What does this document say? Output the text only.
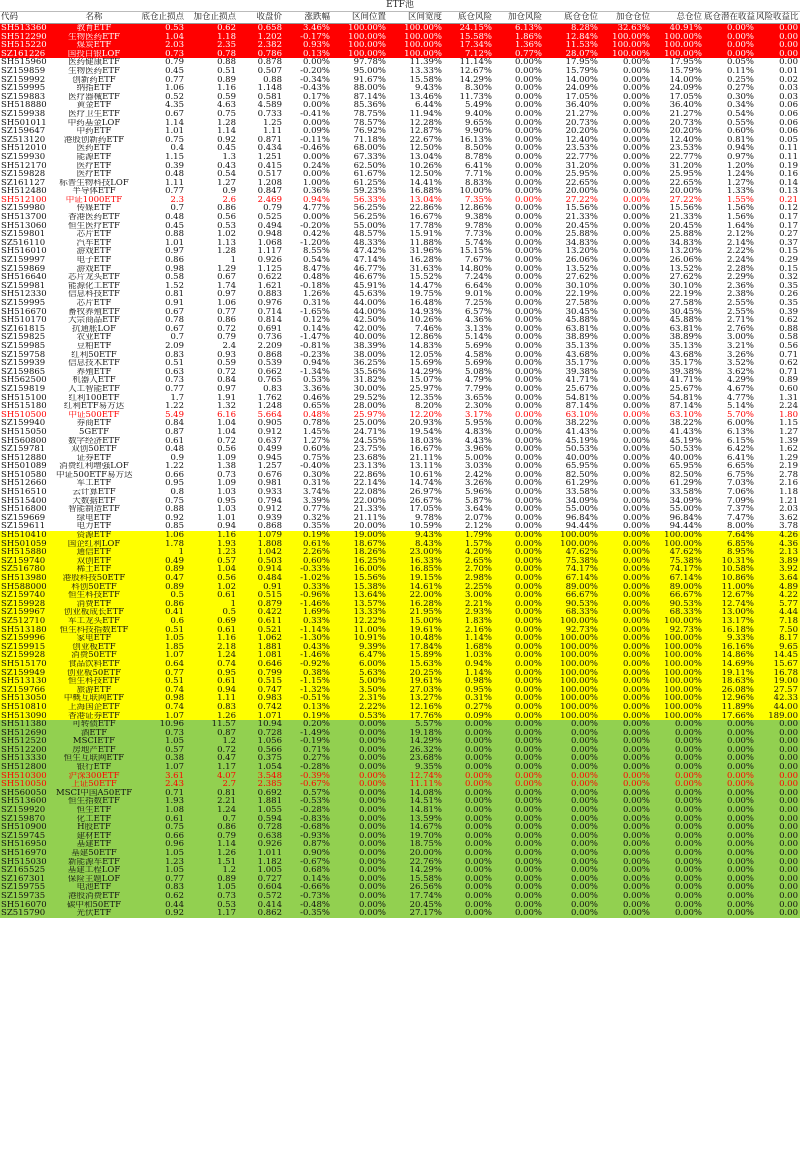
ETF池
代码	名称	底仓止损点	加仓止损点	收盘价	涨跌幅	区间位置	区间宽度	底仓风险	加仓风险	底仓仓位	加仓仓位	总仓位	底仓潜在收益	风险收益比
SH513360	教育ETF	0.53	0.62	0.658	3.46%	100.00%	100.00%	24.15%	6.13%	8.28%	32.63%	40.91%	0.00%	0.00
SH512290	生物医药ETF	1.04	1.18	1.202	-0.17%	100.00%	100.00%	15.58%	1.86%	12.84%	100.00%	100.00%	0.00%	0.00
SH515220	煤炭ETF	2.03	2.35	2.382	0.93%	100.00%	100.00%	17.34%	1.36%	11.53%	100.00%	100.00%	0.00%	0.00
SZ161226	国投白银LOF	0.73	0.78	0.786	0.13%	100.00%	100.00%	7.12%	0.77%	28.07%	100.00%	100.00%	0.00%	0.00
SH515960	医药健康ETF	0.79	0.88	0.878	0.00%	97.78%	11.39%	11.14%	0.00%	17.95%	0.00%	17.95%	0.05%	0.00
SZ159859	生物医药ETF	0.45	0.51	0.507	-0.20%	95.00%	13.33%	12.67%	0.00%	15.79%	0.00%	15.79%	0.11%	0.01
SZ159992	创新药ETF	0.77	0.89	0.88	-0.34%	91.67%	15.58%	14.29%	0.00%	14.00%	0.00%	14.00%	0.25%	0.02
SZ159995	纳指ETF	1.06	1.16	1.148	-0.43%	88.00%	9.43%	8.30%	0.00%	24.09%	0.00%	24.09%	0.27%	0.03
SZ159883	医疗器械ETF	0.52	0.59	0.581	0.17%	87.14%	13.46%	11.73%	0.00%	17.05%	0.00%	17.05%	0.30%	0.03
SH518880	黄金ETF	4.35	4.63	4.589	0.00%	85.36%	6.44%	5.49%	0.00%	36.40%	0.00%	36.40%	0.34%	0.06
SZ159938	医疗卫生ETF	0.67	0.75	0.733	-0.41%	78.75%	11.94%	9.40%	0.00%	21.27%	0.00%	21.27%	0.54%	0.06
SH501011	中药基金LOF	1.14	1.28	1.25	0.00%	78.57%	12.28%	9.65%	0.00%	20.73%	0.00%	20.73%	0.55%	0.06
SZ159647	中药ETF	1.01	1.14	1.11	0.09%	76.92%	12.87%	9.90%	0.00%	20.20%	0.00%	20.20%	0.60%	0.06
SZ513120	港股创新药ETF	0.75	0.92	0.871	-0.11%	71.18%	22.67%	16.13%	0.00%	12.40%	0.00%	12.40%	0.81%	0.05
SH512010	医药ETF	0.4	0.45	0.434	-0.46%	68.00%	12.50%	8.50%	0.00%	23.53%	0.00%	23.53%	0.94%	0.11
SZ159930	能源ETF	1.15	1.3	1.251	0.00%	67.33%	13.04%	8.78%	0.00%	22.77%	0.00%	22.77%	0.97%	0.11
SH512170	医疗ETF	0.39	0.43	0.415	0.24%	62.50%	10.26%	6.41%	0.00%	31.20%	0.00%	31.20%	1.20%	0.19
SZ159828	医疗ETF	0.48	0.54	0.517	0.00%	61.67%	12.50%	7.71%	0.00%	25.95%	0.00%	25.95%	1.24%	0.16
SZ161127	标普生物科技LOF	1.11	1.27	1.208	1.00%	61.25%	14.41%	8.83%	0.00%	22.65%	0.00%	22.65%	1.27%	0.14
SH512480	半导体ETF	0.77	0.9	0.847	0.36%	59.23%	16.88%	10.00%	0.00%	20.00%	0.00%	20.00%	1.33%	0.13
SH512100	中证1000ETF	2.3	2.6	2.469	0.94%	56.33%	13.04%	7.35%	0.00%	27.22%	0.00%	27.22%	1.55%	0.21
SZ159980	传媒ETF	0.7	0.86	0.79	4.77%	56.25%	22.86%	12.86%	0.00%	15.56%	0.00%	15.56%	1.56%	0.12
SH513700	香港医药ETF	0.48	0.56	0.525	0.00%	56.25%	16.67%	9.38%	0.00%	21.33%	0.00%	21.33%	1.56%	0.17
SH513060	恒生医疗ETF	0.45	0.53	0.494	-0.20%	55.00%	17.78%	9.78%	0.00%	20.45%	0.00%	20.45%	1.64%	0.17
SZ159801	芯片ETF	0.88	1.02	0.948	0.42%	48.57%	15.91%	7.73%	0.00%	25.88%	0.00%	25.88%	2.12%	0.27
SZ516110	汽车ETF	1.01	1.13	1.068	-1.20%	48.33%	11.88%	5.74%	0.00%	34.83%	0.00%	34.83%	2.14%	0.37
SH516010	游戏ETF	0.97	1.28	1.117	8.55%	47.42%	31.96%	15.15%	0.00%	13.20%	0.00%	13.20%	2.22%	0.15
SZ159997	电子ETF	0.86	1	0.926	0.54%	47.14%	16.28%	7.67%	0.00%	26.06%	0.00%	26.06%	2.24%	0.29
SZ159869	游戏ETF	0.98	1.29	1.125	8.47%	46.77%	31.63%	14.80%	0.00%	13.52%	0.00%	13.52%	2.28%	0.15
SH516640	芯片龙头ETF	0.58	0.67	0.622	0.48%	46.67%	15.52%	7.24%	0.00%	27.62%	0.00%	27.62%	2.29%	0.32
SZ159981	能源化工ETF	1.52	1.74	1.621	-0.18%	45.91%	14.47%	6.64%	0.00%	30.10%	0.00%	30.10%	2.36%	0.35
SH512330	信息科技ETF	0.81	0.97	0.883	1.26%	45.63%	19.75%	9.01%	0.00%	22.19%	0.00%	22.19%	2.38%	0.26
SZ159995	芯片ETF	0.91	1.06	0.976	0.31%	44.00%	16.48%	7.25%	0.00%	27.58%	0.00%	27.58%	2.55%	0.35
SH516670	畜牧养殖ETF	0.67	0.77	0.714	-1.65%	44.00%	14.93%	6.57%	0.00%	30.45%	0.00%	30.45%	2.55%	0.39
SH510170	大宗商品ETF	0.78	0.86	0.814	0.12%	42.50%	10.26%	4.36%	0.00%	45.88%	0.00%	45.88%	2.71%	0.62
SZ161815	抗通胀LOF	0.67	0.72	0.691	0.14%	42.00%	7.46%	3.13%	0.00%	63.81%	0.00%	63.81%	2.76%	0.88
SZ159825	农业ETF	0.7	0.79	0.736	-1.47%	40.00%	12.86%	5.14%	0.00%	38.89%	0.00%	38.89%	3.00%	0.58
SZ159985	豆粕ETF	2.09	2.4	2.209	-0.81%	38.39%	14.83%	5.69%	0.00%	35.13%	0.00%	35.13%	3.21%	0.56
SZ159758	红利50ETF	0.83	0.93	0.868	-0.23%	38.00%	12.05%	4.58%	0.00%	43.68%	0.00%	43.68%	3.26%	0.71
SZ159939	信息技术ETF	0.51	0.59	0.539	0.94%	36.25%	15.69%	5.69%	0.00%	35.17%	0.00%	35.17%	3.52%	0.62
SZ159865	养殖ETF	0.63	0.72	0.662	-1.34%	35.56%	14.29%	5.08%	0.00%	39.38%	0.00%	39.38%	3.62%	0.71
SH562500	机器人ETF	0.73	0.84	0.765	0.53%	31.82%	15.07%	4.79%	0.00%	41.71%	0.00%	41.71%	4.29%	0.89
SZ159819	人工智能ETF	0.77	0.97	0.83	3.36%	30.00%	25.97%	7.79%	0.00%	25.67%	0.00%	25.67%	4.67%	0.60
SH515100	红利100ETF	1.7	1.91	1.762	0.46%	29.52%	12.35%	3.65%	0.00%	54.81%	0.00%	54.81%	4.77%	1.31
SH515180	红利ETF易方达	1.22	1.32	1.248	0.65%	28.00%	8.20%	2.30%	0.00%	87.14%	0.00%	87.14%	5.14%	2.24
SH510500	中证500ETF	5.49	6.16	5.664	0.48%	25.97%	12.20%	3.17%	0.00%	63.10%	0.00%	63.10%	5.70%	1.80
SZ159940	券商ETF	0.84	1.04	0.905	0.78%	25.00%	20.93%	5.95%	0.00%	38.22%	0.00%	38.22%	6.00%	1.15
SH515050	5GETF	0.87	1.04	0.912	1.45%	24.71%	19.54%	4.83%	0.00%	41.43%	0.00%	41.43%	6.13%	1.27
SH560800	数字经济ETF	0.61	0.72	0.637	1.27%	24.55%	18.03%	4.43%	0.00%	45.19%	0.00%	45.19%	6.15%	1.39
SZ159781	双创50ETF	0.48	0.56	0.499	0.60%	23.75%	16.67%	3.96%	0.00%	50.53%	0.00%	50.53%	6.42%	1.62
SH512880	证券ETF	0.9	1.09	0.945	0.75%	23.68%	21.11%	5.00%	0.00%	40.00%	0.00%	40.00%	6.41%	1.29
SH501089	消费红利增强LOF	1.22	1.38	1.257	-0.40%	23.13%	13.11%	3.03%	0.00%	65.95%	0.00%	65.95%	6.65%	2.19
SH510580	中证500ETF易方达	0.66	0.73	0.676	0.30%	22.86%	10.61%	2.42%	0.00%	82.50%	0.00%	82.50%	6.75%	2.78
SH512660	军工ETF	0.95	1.09	0.981	0.31%	22.14%	14.74%	3.26%	0.00%	61.29%	0.00%	61.29%	7.03%	2.16
SH516510	云计算ETF	0.8	1.03	0.933	3.74%	22.08%	26.97%	5.96%	0.00%	33.58%	0.00%	33.58%	7.06%	1.18
SH515400	大数据ETF	0.75	0.95	0.794	3.39%	22.00%	26.67%	5.87%	0.00%	34.09%	0.00%	34.09%	7.09%	1.21
SH516800	智能制造ETF	0.88	1.03	0.912	0.77%	21.33%	17.05%	3.64%	0.00%	55.00%	0.00%	55.00%	7.37%	2.03
SZ159669	绿电ETF	0.92	1.01	0.939	0.32%	21.11%	9.78%	2.07%	0.00%	96.84%	0.00%	96.84%	7.47%	3.62
SZ159611	电力ETF	0.85	0.94	0.868	0.35%	20.00%	10.59%	2.12%	0.00%	94.44%	0.00%	94.44%	8.00%	3.78
SH510410	资源ETF	1.06	1.16	1.079	0.19%	19.00%	9.43%	1.79%	0.00%	100.00%	0.00%	100.00%	7.64%	4.26
SH501059	国企红利LOF	1.78	1.93	1.808	0.61%	18.67%	8.43%	1.57%	0.00%	100.00%	0.00%	100.00%	6.85%	4.36
SH515880	通信ETF	1	1.23	1.042	2.26%	18.26%	23.00%	4.20%	0.00%	47.62%	0.00%	47.62%	8.95%	2.13
SZ159740	双创ETF	0.49	0.57	0.503	0.60%	16.25%	16.33%	2.65%	0.00%	75.38%	0.00%	75.38%	10.31%	3.89
SZ516780	稀土ETF	0.89	1.04	0.914	-0.33%	16.00%	16.85%	2.70%	0.00%	74.17%	0.00%	74.17%	10.58%	3.92
SH513980	港股科技50ETF	0.47	0.56	0.484	-1.02%	15.56%	19.15%	2.98%	0.00%	67.14%	0.00%	67.14%	10.86%	3.64
SH588000	科创50ETF	0.89	1.02	0.91	0.33%	15.38%	14.61%	2.25%	0.00%	89.00%	0.00%	89.00%	11.00%	4.89
SZ159740	恒生科技ETF	0.5	0.61	0.515	-0.96%	13.64%	22.00%	3.00%	0.00%	66.67%	0.00%	66.67%	12.67%	4.22
SZ159928	消费ETF	0.86	1	0.879	-1.46%	13.57%	16.28%	2.21%	0.00%	90.53%	0.00%	90.53%	12.74%	5.77
SZ159967	创业板成长ETF	0.41	0.5	0.422	1.69%	13.33%	21.95%	2.93%	0.00%	68.33%	0.00%	68.33%	13.00%	4.44
SZ512710	军工龙头ETF	0.6	0.69	0.611	0.33%	12.22%	15.00%	1.83%	0.00%	100.00%	0.00%	100.00%	13.17%	7.18
SH513180	恒生科技指数ETF	0.51	0.61	0.521	-1.14%	11.00%	19.61%	2.16%	0.00%	92.73%	0.00%	92.73%	16.18%	7.50
SZ159996	家电ETF	1.05	1.16	1.062	-1.30%	10.91%	10.48%	1.14%	0.00%	100.00%	0.00%	100.00%	9.33%	8.17
SZ159915	创业板ETF	1.85	2.18	1.881	0.43%	9.39%	17.84%	1.68%	0.00%	100.00%	0.00%	100.00%	16.16%	9.65
SZ159928	消费50ETF	1.07	1.24	1.081	-1.46%	6.47%	15.89%	1.03%	0.00%	100.00%	0.00%	100.00%	14.86%	14.45
SH515170	食品饮料ETF	0.64	0.74	0.646	-0.92%	6.00%	15.63%	0.94%	0.00%	100.00%	0.00%	100.00%	14.69%	15.67
SZ159949	创业板50ETF	0.77	0.95	0.799	0.38%	5.63%	20.25%	1.14%	0.00%	100.00%	0.00%	100.00%	19.11%	16.78
SH513130	恒生科技ETF	0.51	0.61	0.515	-1.15%	5.00%	19.61%	0.98%	0.00%	100.00%	0.00%	100.00%	18.63%	19.00
SZ159766	旅游ETF	0.74	0.94	0.747	-1.32%	3.50%	27.03%	0.95%	0.00%	100.00%	0.00%	100.00%	26.08%	27.57
SH513050	中概互联网ETF	0.98	1.11	0.983	-0.51%	2.31%	13.27%	0.31%	0.00%	100.00%	0.00%	100.00%	12.96%	42.33
SH510810	上海国企ETF	0.74	0.83	0.742	0.13%	2.22%	12.16%	0.27%	0.00%	100.00%	0.00%	100.00%	11.89%	44.00
SH513090	香港证券ETF	1.07	1.26	1.071	0.19%	0.53%	17.76%	0.09%	0.00%	100.00%	0.00%	100.00%	17.66%	189.00
SH511380	可转债ETF	10.96	11.57	10.94	0.20%	0.00%	5.57%	0.00%	0.00%	0.00%	0.00%	0.00%	0.00%	0.00
SH512690	酒ETF	0.73	0.87	0.728	-1.49%	0.00%	19.18%	0.00%	0.00%	0.00%	0.00%	0.00%	0.00%	0.00
SH512520	MSCIETF	1.05	1.2	1.056	-0.19%	0.00%	14.29%	0.00%	0.00%	0.00%	0.00%	0.00%	0.00%	0.00
SH512200	房地产ETF	0.57	0.72	0.566	0.71%	0.00%	26.32%	0.00%	0.00%	0.00%	0.00%	0.00%	0.00%	0.00
SH513330	恒生互联网ETF	0.38	0.47	0.375	0.27%	0.00%	23.68%	0.00%	0.00%	0.00%	0.00%	0.00%	0.00%	0.00
SH512800	银行ETF	1.07	1.17	1.054	-0.28%	0.00%	9.35%	0.00%	0.00%	0.00%	0.00%	0.00%	0.00%	0.00
SH510300	沪深300ETF	3.61	4.07	3.548	-0.39%	0.00%	12.74%	0.00%	0.00%	0.00%	0.00%	0.00%	0.00%	0.00
SH510050	上证50ETF	2.43	2.7	2.385	-0.67%	0.00%	11.11%	0.00%	0.00%	0.00%	0.00%	0.00%	0.00%	0.00
SH560050	MSCI中国A50ETF	0.71	0.81	0.692	0.57%	0.00%	14.08%	0.00%	0.00%	0.00%	0.00%	0.00%	0.00%	0.00
SH513600	恒生指数ETF	1.93	2.21	1.881	-0.53%	0.00%	14.51%	0.00%	0.00%	0.00%	0.00%	0.00%	0.00%	0.00
SZ159920	恒生ETF	1.08	1.24	1.055	-0.28%	0.00%	14.81%	0.00%	0.00%	0.00%	0.00%	0.00%	0.00%	0.00
SZ159870	化工ETF	0.61	0.7	0.594	-0.83%	0.00%	13.59%	0.00%	0.00%	0.00%	0.00%	0.00%	0.00%	0.00
SH510900	H股ETF	0.75	0.86	0.728	-0.68%	0.00%	14.67%	0.00%	0.00%	0.00%	0.00%	0.00%	0.00%	0.00
SZ159745	建材ETF	0.66	0.79	0.638	-0.93%	0.00%	19.70%	0.00%	0.00%	0.00%	0.00%	0.00%	0.00%	0.00
SH516950	基建ETF	0.96	1.14	0.926	0.87%	0.00%	18.75%	0.00%	0.00%	0.00%	0.00%	0.00%	0.00%	0.00
SH516970	基建50ETF	1.05	1.26	1.011	0.90%	0.00%	20.00%	0.00%	0.00%	0.00%	0.00%	0.00%	0.00%	0.00
SH515030	新能源车ETF	1.23	1.51	1.182	-0.67%	0.00%	22.76%	0.00%	0.00%	0.00%	0.00%	0.00%	0.00%	0.00
SZ165525	基建工程LOF	1.05	1.2	1.005	0.68%	0.00%	14.29%	0.00%	0.00%	0.00%	0.00%	0.00%	0.00%	0.00
SZ167301	保险主题LOF	0.77	0.89	0.727	0.14%	0.00%	15.58%	0.00%	0.00%	0.00%	0.00%	0.00%	0.00%	0.00
SZ159755	电池ETF	0.83	1.05	0.604	-0.66%	0.00%	26.56%	0.00%	0.00%	0.00%	0.00%	0.00%	0.00%	0.00
SZ159735	港股消费ETF	0.62	0.73	0.572	-0.73%	0.00%	17.74%	0.00%	0.00%	0.00%	0.00%	0.00%	0.00%	0.00
SH516070	碳中和50ETF	0.44	0.53	0.414	-0.48%	0.00%	20.45%	0.00%	0.00%	0.00%	0.00%	0.00%	0.00%	0.00
SZ515790	光伏ETF	0.92	1.17	0.862	-0.35%	0.00%	27.17%	0.00%	0.00%	0.00%	0.00%	0.00%	0.00%	0.00
雪球：我非菜割我
